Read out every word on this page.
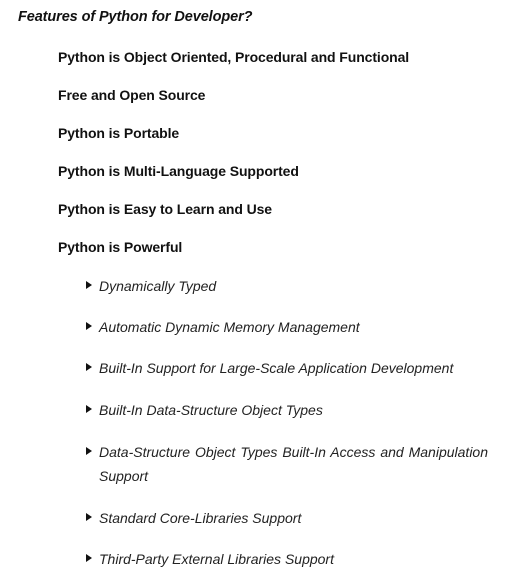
Features of Python for Developer?
Python is Object Oriented, Procedural and Functional
Free and Open Source
Python is Portable
Python is Multi-Language Supported
Python is Easy to Learn and Use
Python is Powerful
Dynamically Typed
Automatic Dynamic Memory Management
Built-In Support for Large-Scale Application Development
Built-In Data-Structure Object Types
Data-Structure Object Types Built-In Access and Manipulation Support
Standard Core-Libraries Support
Third-Party External Libraries Support
